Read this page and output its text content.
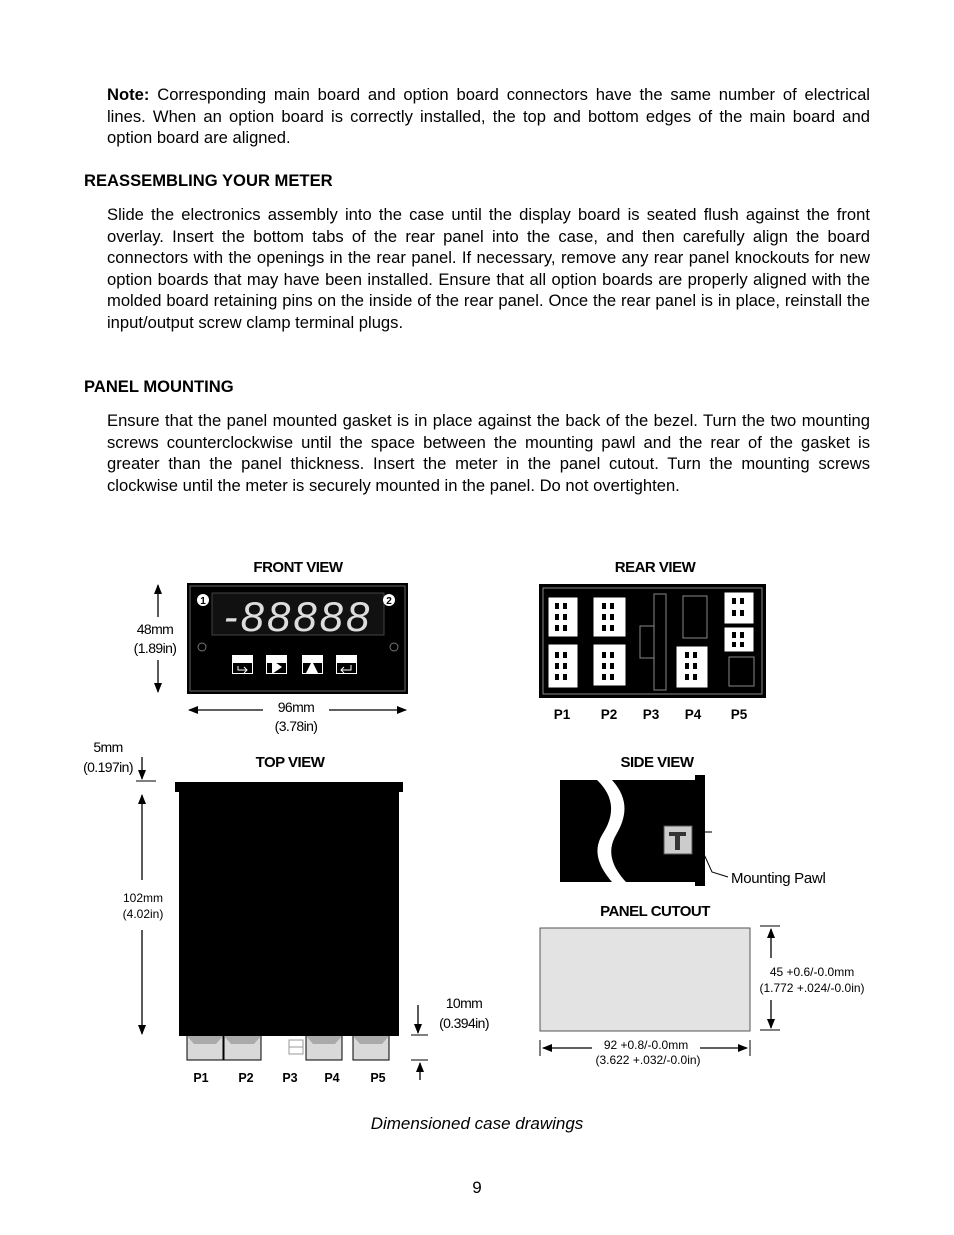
Note: Corresponding main board and option board connectors have the same number of electrical lines. When an option board is correctly installed, the top and bottom edges of the main board and option board are aligned.
REASSEMBLING YOUR METER
Slide the electronics assembly into the case until the display board is seated flush against the front overlay. Insert the bottom tabs of the rear panel into the case, and then carefully align the board connectors with the openings in the rear panel. If necessary, remove any rear panel knockouts for new option boards that may have been installed. Ensure that all option boards are properly aligned with the molded board retaining pins on the inside of the rear panel. Once the rear panel is in place, reinstall the input/output screw clamp terminal plugs.
PANEL MOUNTING
Ensure that the panel mounted gasket is in place against the back of the bezel. Turn the two mounting screws counterclockwise until the space between the mounting pawl and the rear of the gasket is greater than the panel thickness. Insert the meter in the panel cutout. Turn the mounting screws clockwise until the meter is securely mounted in the panel. Do not overtighten.
FRONT VIEW
1	2
-88888
48mm
(1.89in)
96mm
(3.78in)
REAR VIEW
P1 P2 P3 P4 P5
TOP VIEW
5mm
(0.197in)
102mm
(4.02in)
10mm
(0.394in)
P1 P2 P3 P4 P5
SIDE VIEW
Mounting Pawl
PANEL CUTOUT
45 +0.6/-0.0mm
(1.772 +.024/-0.0in)
92 +0.8/-0.0mm
(3.622 +.032/-0.0in)
Dimensioned case drawings
9
